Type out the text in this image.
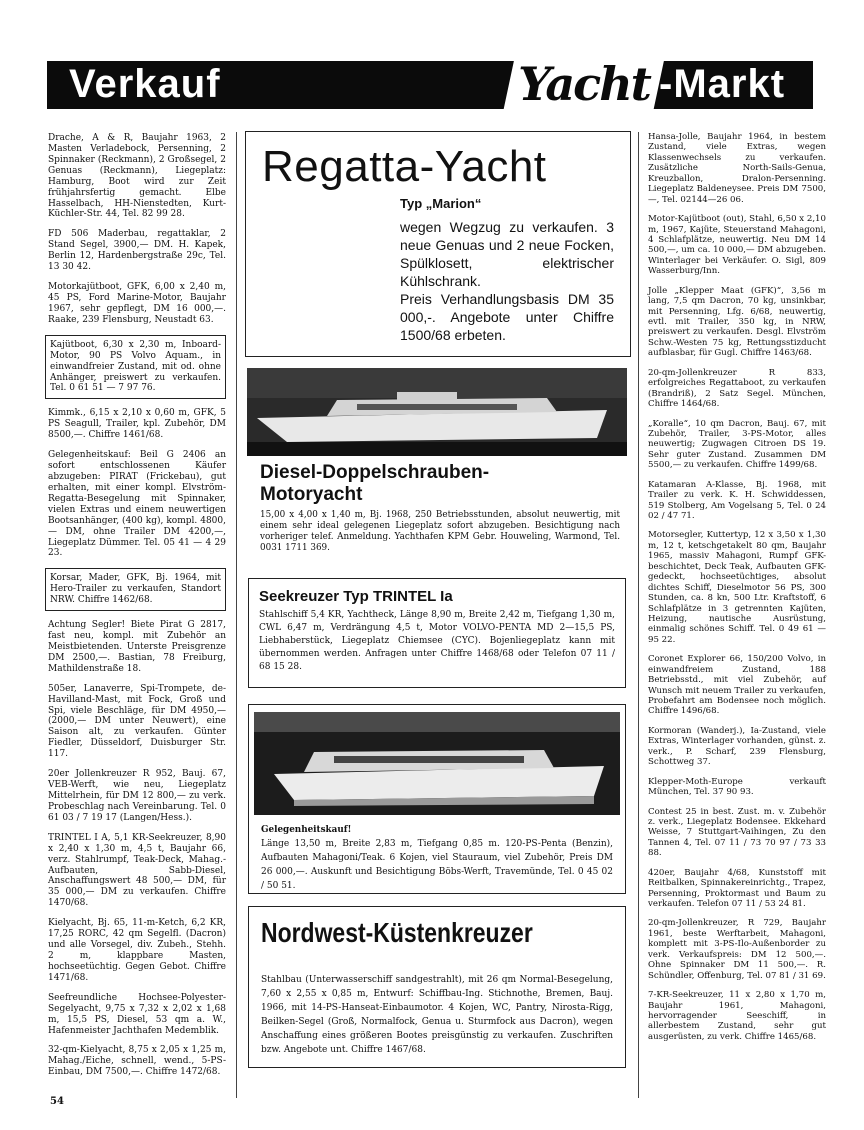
Verkauf	Yacht -Markt

Drache, A & R, Baujahr 1963, 2 Masten Verladebock, Persenning, 2 Spinnaker (Reckmann), 2 Großsegel, 2 Genuas (Reckmann), Liegeplatz: Hamburg, Boot wird zur Zeit frühjahrsfertig gemacht. Elbe Hasselbach, HH-Nienstedten, Kurt-Küchler-Str. 44, Tel. 82 99 28.

FD 506 Maderbau, regattaklar, 2 Stand Segel, 3900,— DM. H. Kapek, Berlin 12, Hardenbergstraße 29c, Tel. 13 30 42.

Motorkajütboot, GFK, 6,00 x 2,40 m, 45 PS, Ford Marine-Motor, Baujahr 1967, sehr gepflegt, DM 16 000,—. Raake, 239 Flensburg, Neustadt 63.

Kajütboot, 6,30 x 2,30 m, Inboard-Motor, 90 PS Volvo Aquam., in einwandfreier Zustand, mit od. ohne Anhänger, preiswert zu verkaufen. Tel. 0 61 51 — 7 97 76.

Kimmk., 6,15 x 2,10 x 0,60 m, GFK, 5 PS Seagull, Trailer, kpl. Zubehör, DM 8500,—. Chiffre 1461/68.

Gelegenheitskauf: Beil G 2406 an sofort entschlossenen Käufer abzugeben: PIRAT (Frickebau), gut erhalten, mit einer kompl. Elvström-Regatta-Besegelung mit Spinnaker, vielen Extras und einem neuwertigen Bootsanhänger, (400 kg), kompl. 4800,— DM, ohne Trailer DM 4200,—, Liegeplatz Dümmer. Tel. 05 41 — 4 29 23.

Korsar, Mader, GFK, Bj. 1964, mit Hero-Trailer zu verkaufen, Standort NRW. Chiffre 1462/68.

Achtung Segler! Biete Pirat G 2817, fast neu, kompl. mit Zubehör an Meistbietenden. Unterste Preisgrenze DM 2500,—. Bastian, 78 Freiburg, Mathildenstraße 18.

505er, Lanaverre, Spi-Trompete, de-Havilland-Mast, mit Fock, Groß und Spi, viele Beschläge, für DM 4950,— (2000,— DM unter Neuwert), eine Saison alt, zu verkaufen. Günter Fiedler, Düsseldorf, Duisburger Str. 117.

20er Jollenkreuzer R 952, Bauj. 67, VEB-Werft, wie neu, Liegeplatz Mittelrhein, für DM 12 800,— zu verk. Probeschlag nach Vereinbarung. Tel. 0 61 03 / 7 19 17 (Langen/Hess.).

TRINTEL I A, 5,1 KR-Seekreuzer, 8,90 x 2,40 x 1,30 m, 4,5 t, Baujahr 66, verz. Stahlrumpf, Teak-Deck, Mahag.-Aufbauten, Sabb-Diesel, Anschaffungswert 48 500,— DM, für 35 000,— DM zu verkaufen. Chiffre 1470/68.

Kielyacht, Bj. 65, 11-m-Ketch, 6,2 KR, 17,25 RORC, 42 qm Segelfl. (Dacron) und alle Vorsegel, div. Zubeh., Stehh. 2 m, klappbare Masten, hochseetüchtig. Gegen Gebot. Chiffre 1471/68.

Seefreundliche Hochsee-Polyester-Segelyacht, 9,75 x 7,32 x 2,02 x 1,68 m, 15,5 PS, Diesel, 53 qm a. W., Hafenmeister Jachthafen Medemblik.

32-qm-Kielyacht, 8,75 x 2,05 x 1,25 m, Mahag./Eiche, schnell, wend., 5-PS-Einbau, DM 7500,—. Chiffre 1472/68.

Hansa-Jolle, Baujahr 1964, in bestem Zustand, viele Extras, wegen Klassenwechsels zu verkaufen. Zusätzliche North-Sails-Genua, Kreuzballon, Dralon-Persenning. Liegeplatz Baldeneysee. Preis DM 7500,—, Tel. 02144—26 06.

Motor-Kajütboot (out), Stahl, 6,50 x 2,10 m, 1967, Kajüte, Steuerstand Mahagoni, 4 Schlafplätze, neuwertig. Neu DM 14 500,—, um ca. 10 000,— DM abzugeben. Winterlager bei Verkäufer. O. Sigl, 809 Wasserburg/Inn.

Jolle „Klepper Maat (GFK)“, 3,56 m lang, 7,5 qm Dacron, 70 kg, unsinkbar, mit Persenning, Lfg. 6/68, neuwertig, evtl. mit Trailer, 350 kg, in NRW, preiswert zu verkaufen. Desgl. Elvström Schw.-Westen 75 kg, Rettungsstizducht aufblasbar, für Gugl. Chiffre 1463/68.

20-qm-Jollenkreuzer R 833, erfolgreiches Regattaboot, zu verkaufen (Brandriß), 2 Satz Segel. München, Chiffre 1464/68.

„Koralle“, 10 qm Dacron, Bauj. 67, mit Zubehör, Trailer, 3-PS-Motor, alles neuwertig; Zugwagen Citroen DS 19. Sehr guter Zustand. Zusammen DM 5500,— zu verkaufen. Chiffre 1499/68.

Katamaran A-Klasse, Bj. 1968, mit Trailer zu verk. K. H. Schwiddessen, 519 Stolberg, Am Vogelsang 5, Tel. 0 24 02 / 47 71.

Motorsegler, Kuttertyp, 12 x 3,50 x 1,30 m, 12 t, ketschgetakelt 80 qm, Baujahr 1965, massiv Mahagoni, Rumpf GFK-beschichtet, Deck Teak, Aufbauten GFK-gedeckt, hochseetüchtiges, absolut dichtes Schiff, Dieselmotor 56 PS, 300 Stunden, ca. 8 kn, 500 Ltr. Kraftstoff, 6 Schlafplätze in 3 getrennten Kajüten, Heizung, nautische Ausrüstung, einmalig schönes Schiff. Tel. 0 49 61 — 95 22.

Coronet Explorer 66, 150/200 Volvo, in einwandfreiem Zustand, 188 Betriebsstd., mit viel Zubehör, auf Wunsch mit neuem Trailer zu verkaufen, Probefahrt am Bodensee noch möglich. Chiffre 1496/68.

Kormoran (Wanderj.), Ia-Zustand, viele Extras, Winterlager vorhanden, günst. z. verk., P. Scharf, 239 Flensburg, Schottweg 37.

Klepper-Moth-Europe verkauft München, Tel. 37 90 93.

Contest 25 in best. Zust. m. v. Zubehör z. verk., Liegeplatz Bodensee. Ekkehard Weisse, 7 Stuttgart-Vaihingen, Zu den Tannen 4, Tel. 07 11 / 73 70 97 / 73 33 88.

420er, Baujahr 4/68, Kunststoff mit Reitbalken, Spinnakereinrichtg., Trapez, Persenning, Proktormast und Baum zu verkaufen. Telefon 07 11 / 53 24 81.

20-qm-Jollenkreuzer, R 729, Baujahr 1961, beste Werftarbeit, Mahagoni, komplett mit 3-PS-Ilo-Außenborder zu verk. Verkaufspreis: DM 12 500,—. Ohne Spinnaker DM 11 500,—. R. Schündler, Offenburg, Tel. 07 81 / 31 69.

7-KR-Seekreuzer, 11 x 2,80 x 1,70 m, Baujahr 1961, Mahagoni, hervorragender Seeschiff, in allerbestem Zustand, sehr gut ausgerüsten, zu verk. Chiffre 1465/68.

Regatta-Yacht
Typ „Marion“
wegen Wegzug zu verkaufen. 3 neue Genuas und 2 neue Focken, Spülklosett, elektrischer Kühlschrank.
Preis Verhandlungsbasis DM 35 000,-. Angebote unter Chiffre 1500/68 erbeten.
Diesel-Doppelschrauben-
Motoryacht
15,00 x 4,00 x 1,40 m, Bj. 1968, 250 Betriebsstunden, absolut neuwertig, mit einem sehr ideal gelegenen Liegeplatz sofort abzugeben. Besichtigung nach vorheriger telef. Anmeldung. Yachthafen KPM Gebr. Houweling, Warmond, Tel. 0031 1711 369.
Seekreuzer Typ TRINTEL Ia
Stahlschiff 5,4 KR, Yachtheck, Länge 8,90 m, Breite 2,42 m, Tiefgang 1,30 m, CWL 6,47 m, Verdrängung 4,5 t, Motor VOLVO-PENTA MD 2—15,5 PS, Liebhaberstück, Liegeplatz Chiemsee (CYC). Bojenliegeplatz kann mit übernommen werden. Anfragen unter Chiffre 1468/68 oder Telefon 07 11 / 68 15 28.
Gelegenheitskauf!
Länge 13,50 m, Breite 2,83 m, Tiefgang 0,85 m. 120-PS-Penta (Benzin), Aufbauten Mahagoni/Teak. 6 Kojen, viel Stauraum, viel Zubehör, Preis DM 26 000,—. Auskunft und Besichtigung Böbs-Werft, Travemünde, Tel. 0 45 02 / 50 51.
Nordwest-Küstenkreuzer
Stahlbau (Unterwasserschiff sandgestrahlt), mit 26 qm Normal-Besegelung, 7,60 x 2,55 x 0,85 m, Entwurf: Schiffbau-Ing. Stichnothe, Bremen, Bauj. 1966, mit 14-PS-Hanseat-Einbaumotor. 4 Kojen, WC, Pantry, Nirosta-Rigg, Beilken-Segel (Groß, Normalfock, Genua u. Sturmfock aus Dacron), wegen Anschaffung eines größeren Bootes preisgünstig zu verkaufen. Zuschriften bzw. Angebote unt. Chiffre 1467/68.
54
